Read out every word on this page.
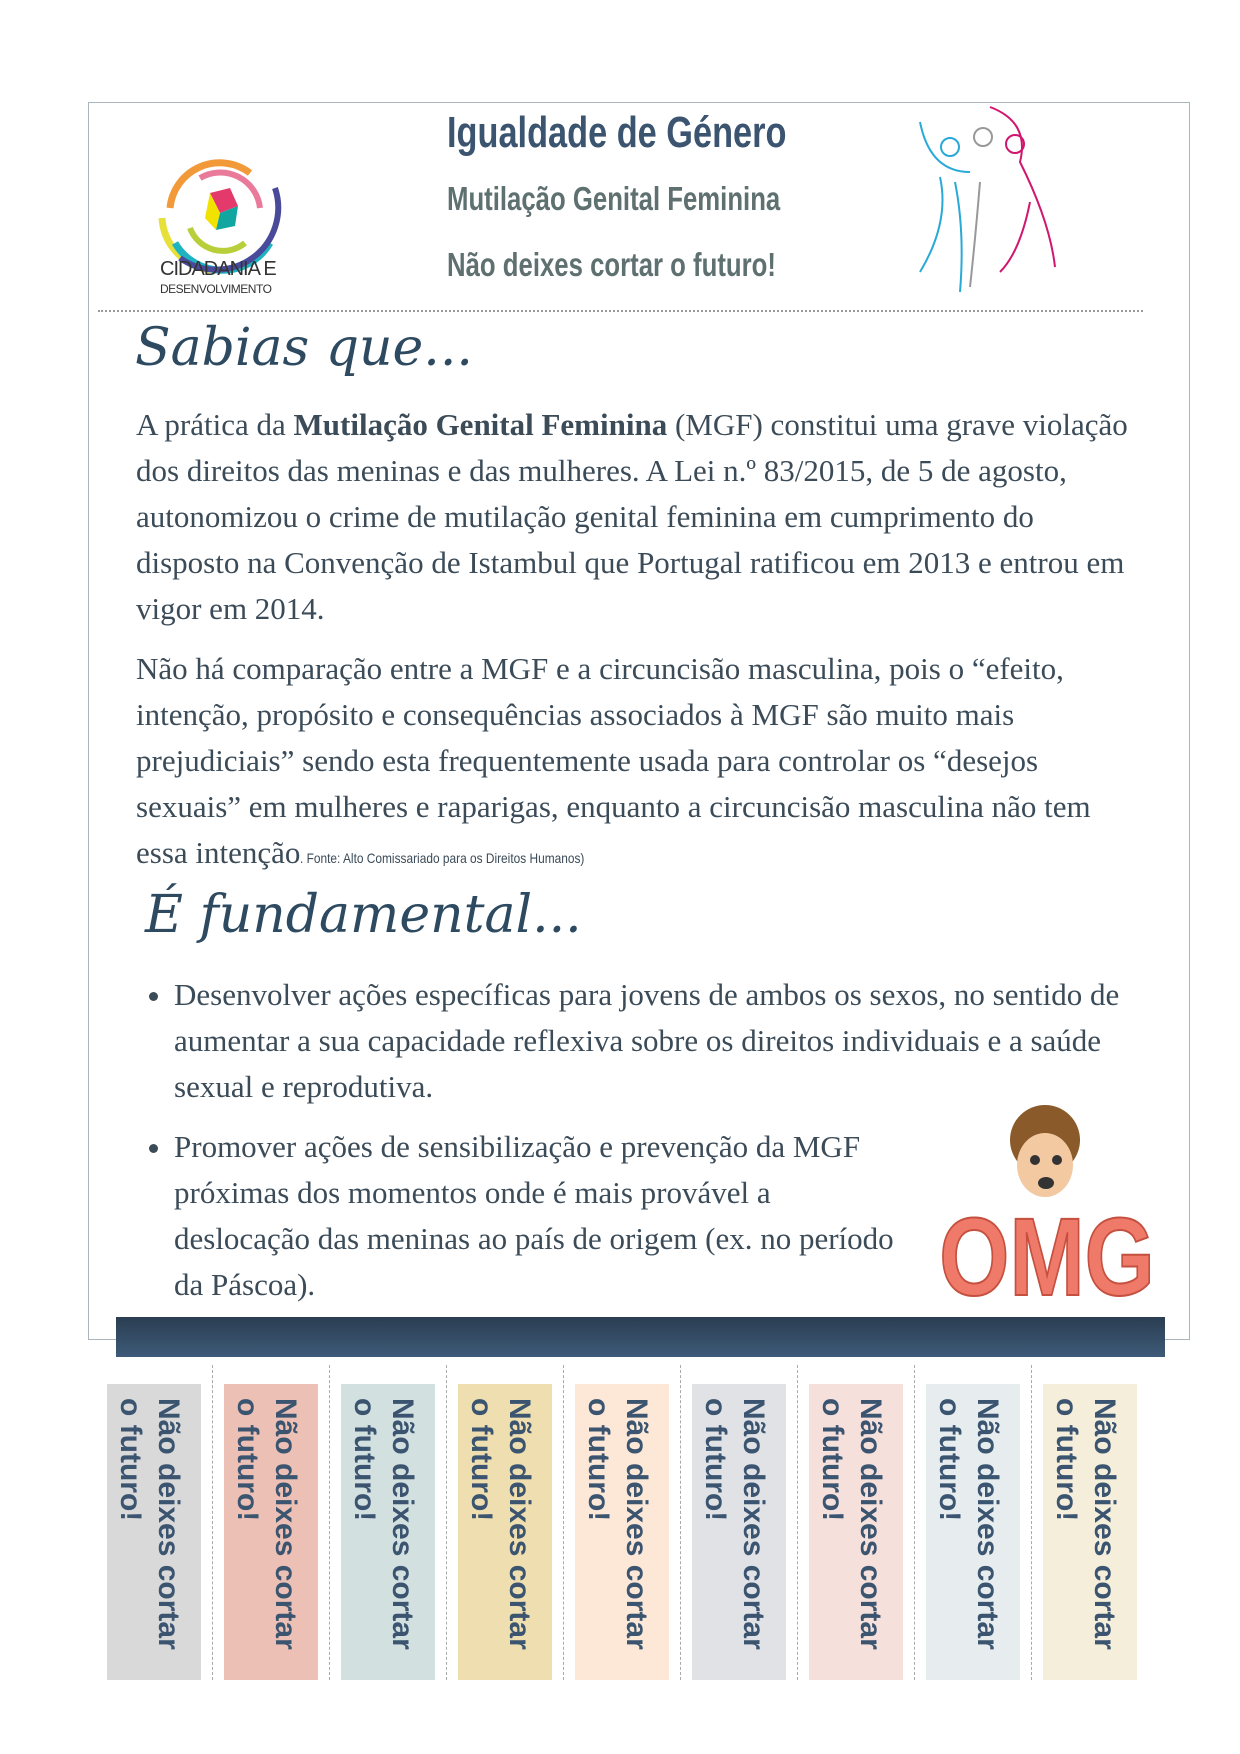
CIDADANIA E
DESENVOLVIMENTO
Igualdade de Género
Mutilação Genital Feminina
Não deixes cortar o futuro!
Sabias que...

A prática da Mutilação Genital Feminina (MGF) constitui uma grave violação dos direitos das meninas e das mulheres. A Lei n.º 83/2015, de 5 de agosto, autonomizou o crime de mutilação genital feminina em cumprimento do disposto na Convenção de Istambul que Portugal ratificou em 2013 e entrou em vigor em 2014.

Não há comparação entre a MGF e a circuncisão masculina, pois o “efeito, intenção, propósito e consequências associados à MGF são muito mais prejudiciais” sendo esta frequentemente usada para controlar os “desejos sexuais” em mulheres e raparigas, enquanto a circuncisão masculina não tem essa intenção. Fonte: Alto Comissariado para os Direitos Humanos)

É fundamental...
• Desenvolver ações específicas para jovens de ambos os sexos, no sentido de aumentar a sua capacidade reflexiva sobre os direitos individuais e a saúde sexual e reprodutiva.
• Promover ações de sensibilização e prevenção da MGF próximas dos momentos onde é mais provável a deslocação das meninas ao país de origem (ex. no período da Páscoa).	OMG
Não deixes cortar o futuro!	Não deixes cortar o futuro!	Não deixes cortar o futuro!	Não deixes cortar o futuro!	Não deixes cortar o futuro!	Não deixes cortar o futuro!	Não deixes cortar o futuro!	Não deixes cortar o futuro!	Não deixes cortar o futuro!
